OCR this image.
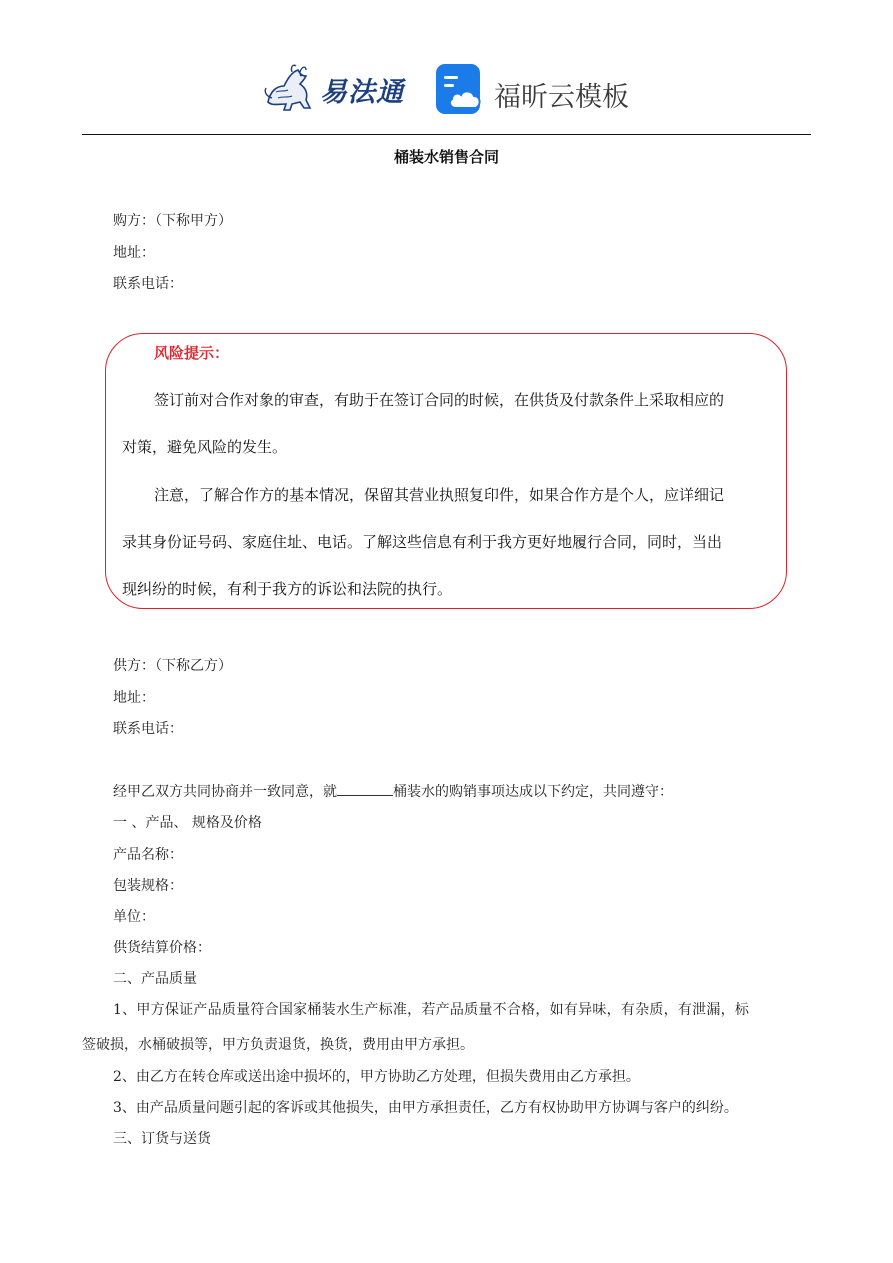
易法通	福昕云模板
桶装水销售合同
购方：（下称甲方）
地址：
联系电话：
风险提示：
签订前对合作对象的审查，有助于在签订合同的时候，在供货及付款条件上采取相应的
对策，避免风险的发生。
注意，了解合作方的基本情况，保留其营业执照复印件，如果合作方是个人，应详细记
录其身份证号码、家庭住址、电话。了解这些信息有利于我方更好地履行合同，同时，当出
现纠纷的时候，有利于我方的诉讼和法院的执行。
供方：（下称乙方）
地址：
联系电话：
经甲乙双方共同协商并一致同意，就	桶装水的购销事项达成以下约定，共同遵守：
一 、产品、 规格及价格
产品名称：
包装规格：
单位：
供货结算价格：
二、产品质量
1、甲方保证产品质量符合国家桶装水生产标准，若产品质量不合格，如有异味，有杂质，有泄漏，标
签破损，水桶破损等，甲方负责退货，换货，费用由甲方承担。
2、由乙方在转仓库或送出途中损坏的，甲方协助乙方处理，但损失费用由乙方承担。
3、由产品质量问题引起的客诉或其他损失，由甲方承担责任，乙方有权协助甲方协调与客户的纠纷。
三、订货与送货
